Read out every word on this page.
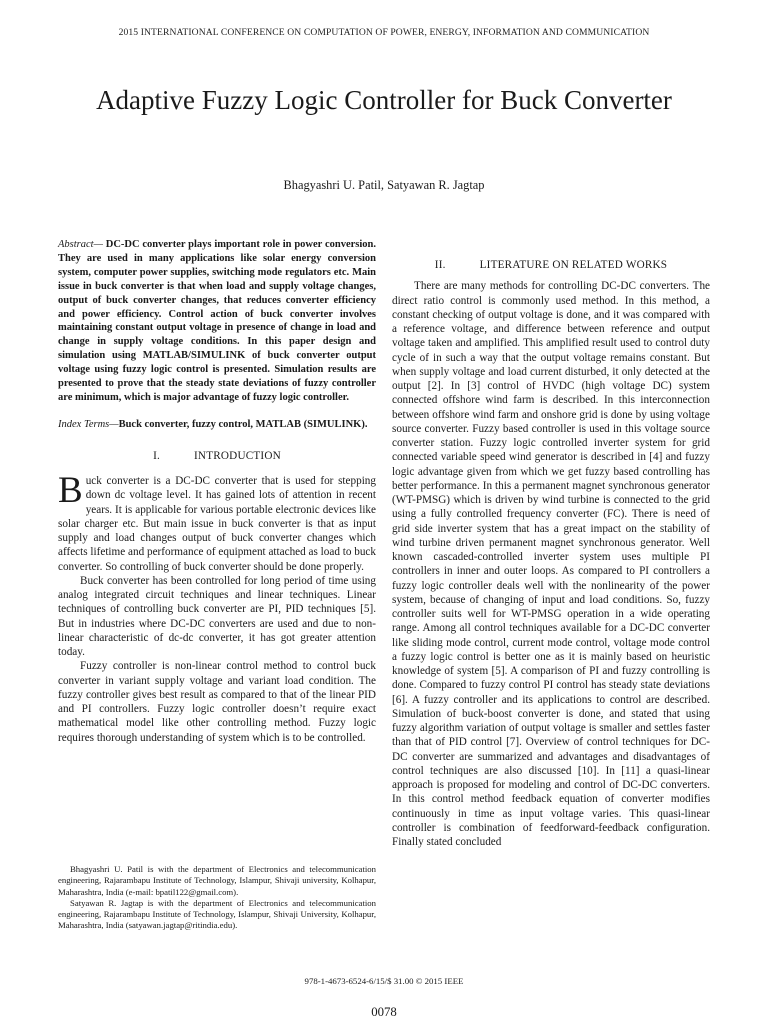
2015 INTERNATIONAL CONFERENCE ON COMPUTATION OF POWER, ENERGY, INFORMATION AND COMMUNICATION
Adaptive Fuzzy Logic Controller for Buck Converter
Bhagyashri U. Patil, Satyawan R. Jagtap

Abstract— DC-DC converter plays important role in power conversion. They are used in many applications like solar energy conversion system, computer power supplies, switching mode regulators etc. Main issue in buck converter is that when load and supply voltage changes, output of buck converter changes, that reduces converter efficiency and power efficiency. Control action of buck converter involves maintaining constant output voltage in presence of change in load and change in supply voltage conditions. In this paper design and simulation using MATLAB/SIMULINK of buck converter output voltage using fuzzy logic control is presented. Simulation results are presented to prove that the steady state deviations of fuzzy controller are minimum, which is major advantage of fuzzy logic controller.

Index Terms—Buck converter, fuzzy control, MATLAB (SIMULINK).

I.	INTRODUCTION

Buck converter is a DC-DC converter that is used for stepping down dc voltage level. It has gained lots of attention in recent years. It is applicable for various portable electronic devices like solar charger etc. But main issue in buck converter is that as input supply and load changes output of buck converter changes which affects lifetime and performance of equipment attached as load to buck converter. So controlling of buck converter should be done properly.

Buck converter has been controlled for long period of time using analog integrated circuit techniques and linear techniques. Linear techniques of controlling buck converter are PI, PID techniques [5]. But in industries where DC-DC converters are used and due to non-linear characteristic of dc-dc converter, it has got greater attention today.

Fuzzy controller is non-linear control method to control buck converter in variant supply voltage and variant load condition. The fuzzy controller gives best result as compared to that of the linear PID and PI controllers. Fuzzy logic controller doesn’t require exact mathematical model like other controlling method. Fuzzy logic requires thorough understanding of system which is to be controlled.

II.	LITERATURE ON RELATED WORKS

There are many methods for controlling DC-DC converters. The direct ratio control is commonly used method. In this method, a constant checking of output voltage is done, and it was compared with a reference voltage, and difference between reference and output voltage taken and amplified. This amplified result used to control duty cycle of in such a way that the output voltage remains constant. But when supply voltage and load current disturbed, it only detected at the output [2]. In [3] control of HVDC (high voltage DC) system connected offshore wind farm is described. In this interconnection between offshore wind farm and onshore grid is done by using voltage source converter. Fuzzy based controller is used in this voltage source converter station. Fuzzy logic controlled inverter system for grid connected variable speed wind generator is described in [4] and fuzzy logic advantage given from which we get fuzzy based controlling has better performance. In this a permanent magnet synchronous generator (WT-PMSG) which is driven by wind turbine is connected to the grid using a fully controlled frequency converter (FC). There is need of grid side inverter system that has a great impact on the stability of wind turbine driven permanent magnet synchronous generator. Well known cascaded-controlled inverter system uses multiple PI controllers in inner and outer loops. As compared to PI controllers a fuzzy logic controller deals well with the nonlinearity of the power system, because of changing of input and load conditions. So, fuzzy controller suits well for WT-PMSG operation in a wide operating range. Among all control techniques available for a DC-DC converter like sliding mode control, current mode control, voltage mode control a fuzzy logic control is better one as it is mainly based on heuristic knowledge of system [5]. A comparison of PI and fuzzy controlling is done. Compared to fuzzy control PI control has steady state deviations [6]. A fuzzy controller and its applications to control are described. Simulation of buck-boost converter is done, and stated that using fuzzy algorithm variation of output voltage is smaller and settles faster than that of PID control [7]. Overview of control techniques for DC-DC converter are summarized and advantages and disadvantages of control techniques are also discussed [10]. In [11] a quasi-linear approach is proposed for modeling and control of DC-DC converters. In this control method feedback equation of converter modifies continuously in time as input voltage varies. This quasi-linear controller is combination of feedforward-feedback configuration. Finally stated concluded

Bhagyashri U. Patil is with the department of Electronics and telecommunication engineering, Rajarambapu Institute of Technology, Islampur, Shivaji university, Kolhapur, Maharashtra, India (e-mail: bpatil122@gmail.com).

Satyawan R. Jagtap is with the department of Electronics and telecommunication engineering, Rajarambapu Institute of Technology, Islampur, Shivaji University, Kolhapur, Maharashtra, India (satyawan.jagtap@ritindia.edu).

978-1-4673-6524-6/15/$ 31.00 © 2015 IEEE
0078
